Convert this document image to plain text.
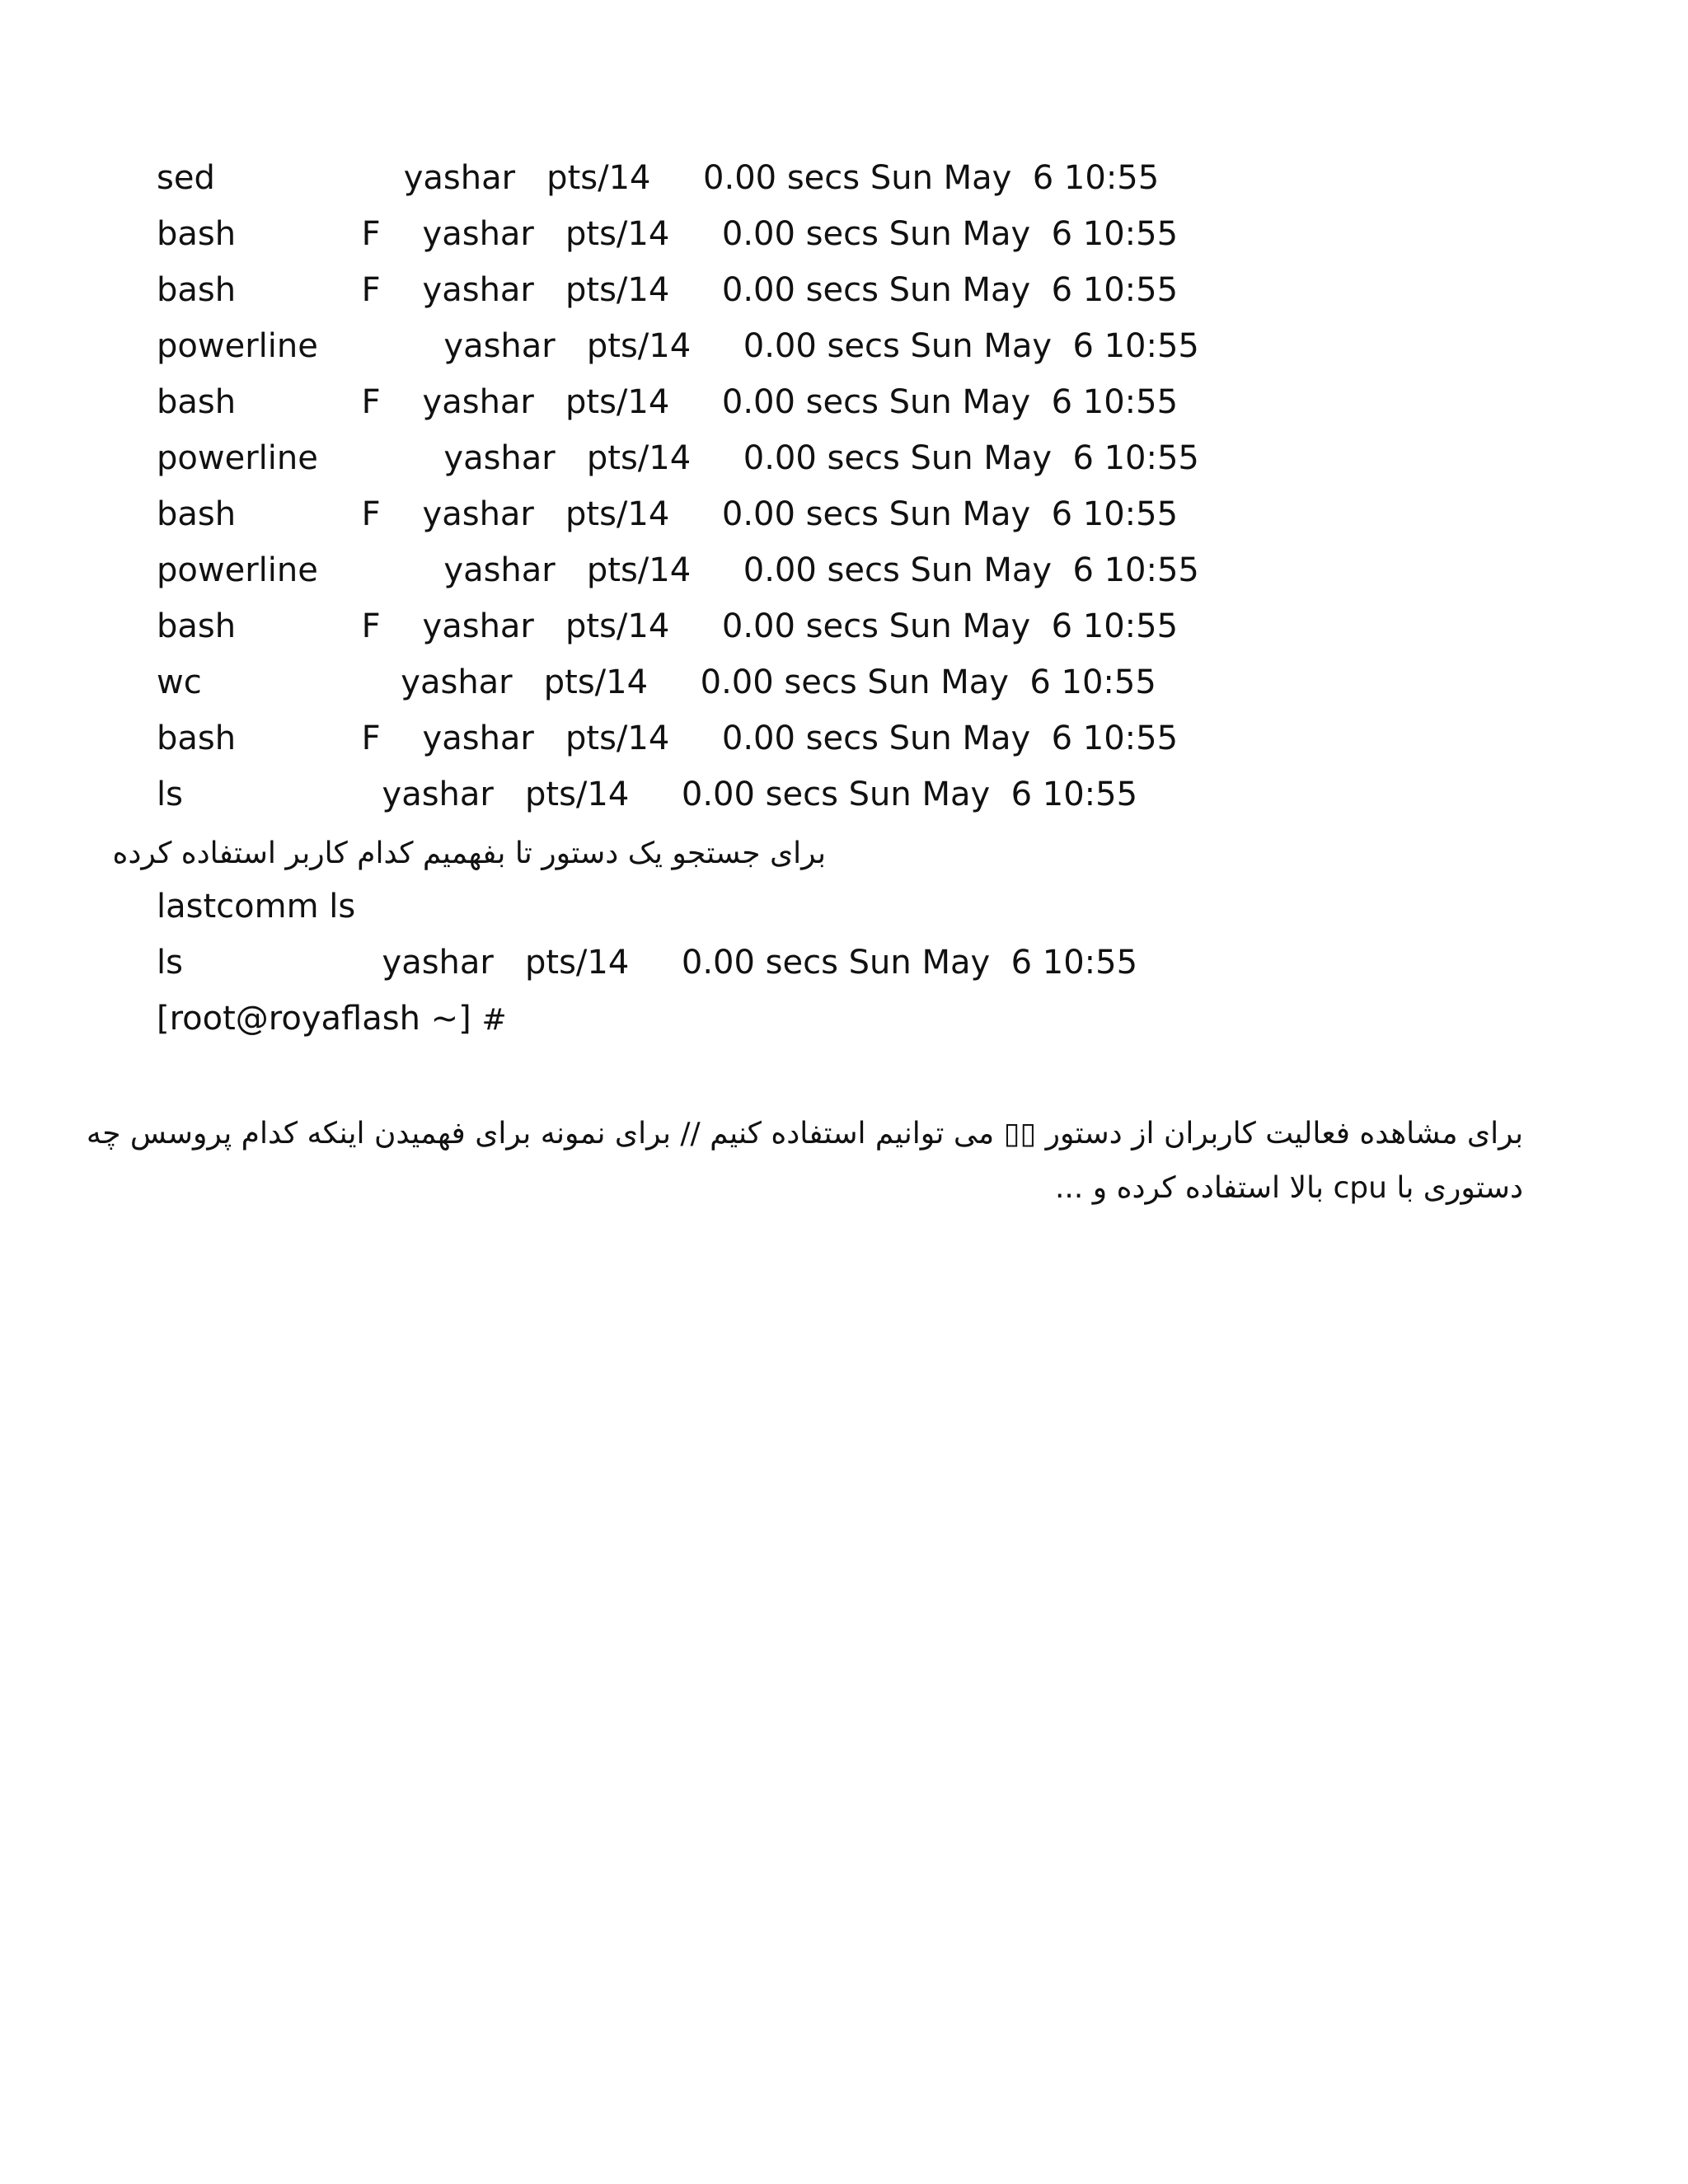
sed                  yashar   pts/14     0.00 secs Sun May  6 10:55
bash            F    yashar   pts/14     0.00 secs Sun May  6 10:55
bash            F    yashar   pts/14     0.00 secs Sun May  6 10:55
powerline            yashar   pts/14     0.00 secs Sun May  6 10:55
bash            F    yashar   pts/14     0.00 secs Sun May  6 10:55
powerline            yashar   pts/14     0.00 secs Sun May  6 10:55
bash            F    yashar   pts/14     0.00 secs Sun May  6 10:55
powerline            yashar   pts/14     0.00 secs Sun May  6 10:55
bash            F    yashar   pts/14     0.00 secs Sun May  6 10:55
wc                   yashar   pts/14     0.00 secs Sun May  6 10:55
bash            F    yashar   pts/14     0.00 secs Sun May  6 10:55
ls                   yashar   pts/14     0.00 secs Sun May  6 10:55
برای جستجو یک دستور تا بفهمیم کدام کاربر استفاده کرده
lastcomm ls
ls                   yashar   pts/14     0.00 secs Sun May  6 10:55
[root@royaflash ~] #
برای مشاهده فعالیت کاربران از دستور ▯▯ می توانیم استفاده کنیم // برای نمونه برای فهمیدن اینکه کدام پروسس چه
دستوری با cpu بالا استفاده کرده و ...
